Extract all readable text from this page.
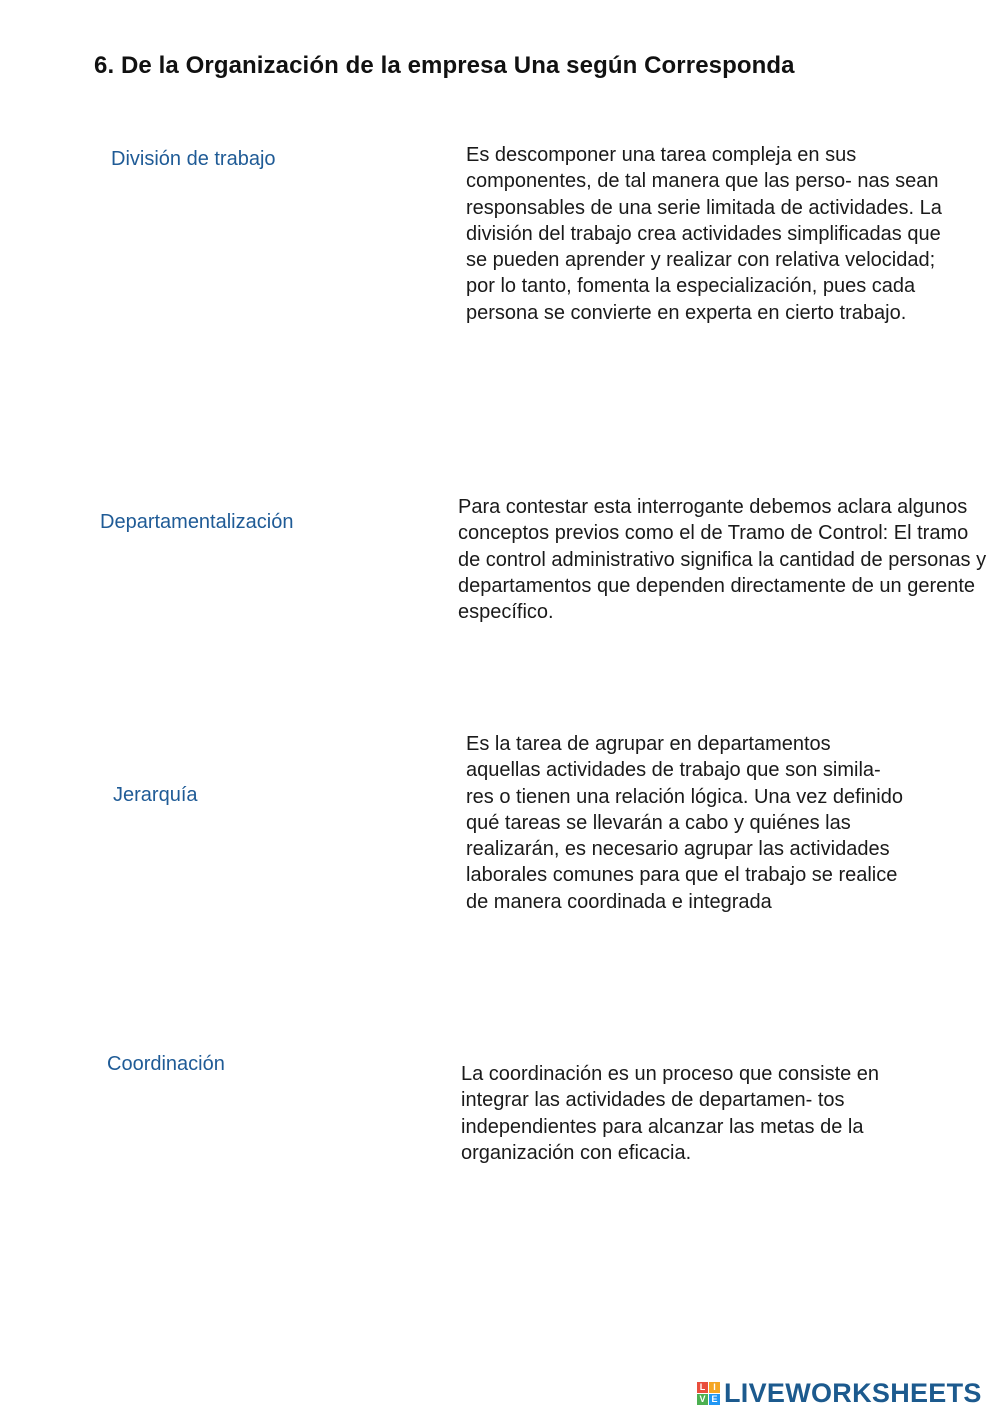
6. De la Organización de la empresa Una según Corresponda
División de trabajo
Departamentalización
Jerarquía
Coordinación
Es descomponer una tarea compleja en sus componentes, de tal manera que las perso- nas sean responsables de una serie limitada de actividades. La división del trabajo crea actividades simplificadas que se pueden aprender y realizar con relativa velocidad; por lo tanto, fomenta la especialización, pues cada persona se convierte en experta en cierto trabajo.
Para contestar esta interrogante debemos aclara algunos conceptos previos como el de Tramo de Control: El tramo de control administrativo significa la cantidad de personas y departamentos que dependen directamente de un gerente específico.
Es la tarea de agrupar en departamentos aquellas actividades de trabajo que son simila- res o tienen una relación lógica. Una vez definido qué tareas se llevarán a cabo y quiénes las realizarán, es necesario agrupar las actividades laborales comunes para que el trabajo se realice de manera coordinada e integrada
La coordinación es un proceso que consiste en integrar las actividades de departamen- tos independientes para alcanzar las metas de la organización con eficacia.
L I
V E LIVEWORKSHEETS
